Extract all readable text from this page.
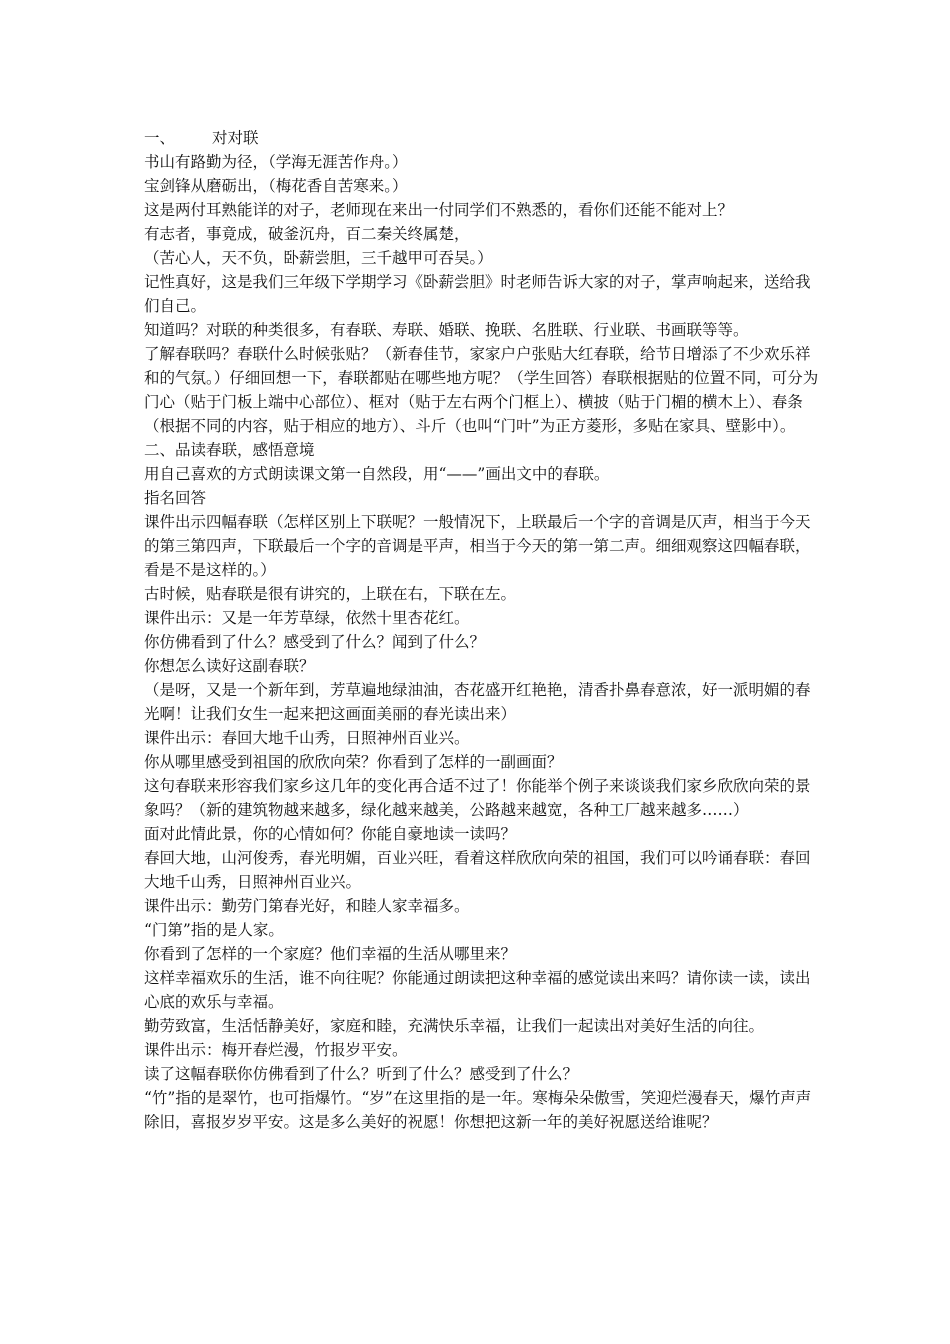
一、 对对联

书山有路勤为径，（学海无涯苦作舟。）

宝剑锋从磨砺出，（梅花香自苦寒来。）

这是两付耳熟能详的对子，老师现在来出一付同学们不熟悉的，看你们还能不能对上？

有志者，事竟成，破釜沉舟，百二秦关终属楚，

（苦心人，天不负，卧薪尝胆，三千越甲可吞吴。）

记性真好，这是我们三年级下学期学习《卧薪尝胆》时老师告诉大家的对子，掌声响起来，送给我们自己。

知道吗？对联的种类很多，有春联、寿联、婚联、挽联、名胜联、行业联、书画联等等。

了解春联吗？春联什么时候张贴？（新春佳节，家家户户张贴大红春联，给节日增添了不少欢乐祥和的气氛。）仔细回想一下，春联都贴在哪些地方呢？（学生回答）春联根据贴的位置不同，可分为门心（贴于门板上端中心部位）、框对（贴于左右两个门框上）、横披（贴于门楣的横木上）、春条（根据不同的内容，贴于相应的地方）、斗斤（也叫“门叶”为正方菱形，多贴在家具、壁影中）。

二、品读春联，感悟意境

用自己喜欢的方式朗读课文第一自然段，用“——”画出文中的春联。

指名回答

课件出示四幅春联（怎样区别上下联呢？一般情况下，上联最后一个字的音调是仄声，相当于今天的第三第四声，下联最后一个字的音调是平声，相当于今天的第一第二声。细细观察这四幅春联，看是不是这样的。）

古时候，贴春联是很有讲究的，上联在右，下联在左。

课件出示：又是一年芳草绿，依然十里杏花红。

你仿佛看到了什么？感受到了什么？闻到了什么？

你想怎么读好这副春联？

（是呀，又是一个新年到，芳草遍地绿油油，杏花盛开红艳艳，清香扑鼻春意浓，好一派明媚的春光啊！让我们女生一起来把这画面美丽的春光读出来）

课件出示：春回大地千山秀，日照神州百业兴。

你从哪里感受到祖国的欣欣向荣？你看到了怎样的一副画面？

这句春联来形容我们家乡这几年的变化再合适不过了！你能举个例子来谈谈我们家乡欣欣向荣的景象吗？（新的建筑物越来越多，绿化越来越美，公路越来越宽，各种工厂越来越多……）

面对此情此景，你的心情如何？你能自豪地读一读吗？

春回大地，山河俊秀，春光明媚，百业兴旺，看着这样欣欣向荣的祖国，我们可以吟诵春联：春回大地千山秀，日照神州百业兴。

课件出示：勤劳门第春光好，和睦人家幸福多。

“门第”指的是人家。

你看到了怎样的一个家庭？他们幸福的生活从哪里来？

这样幸福欢乐的生活，谁不向往呢？你能通过朗读把这种幸福的感觉读出来吗？请你读一读，读出心底的欢乐与幸福。

勤劳致富，生活恬静美好，家庭和睦，充满快乐幸福，让我们一起读出对美好生活的向往。

课件出示：梅开春烂漫，竹报岁平安。

读了这幅春联你仿佛看到了什么？听到了什么？感受到了什么？

“竹”指的是翠竹，也可指爆竹。“岁”在这里指的是一年。寒梅朵朵傲雪，笑迎烂漫春天，爆竹声声除旧，喜报岁岁平安。这是多么美好的祝愿！你想把这新一年的美好祝愿送给谁呢？
